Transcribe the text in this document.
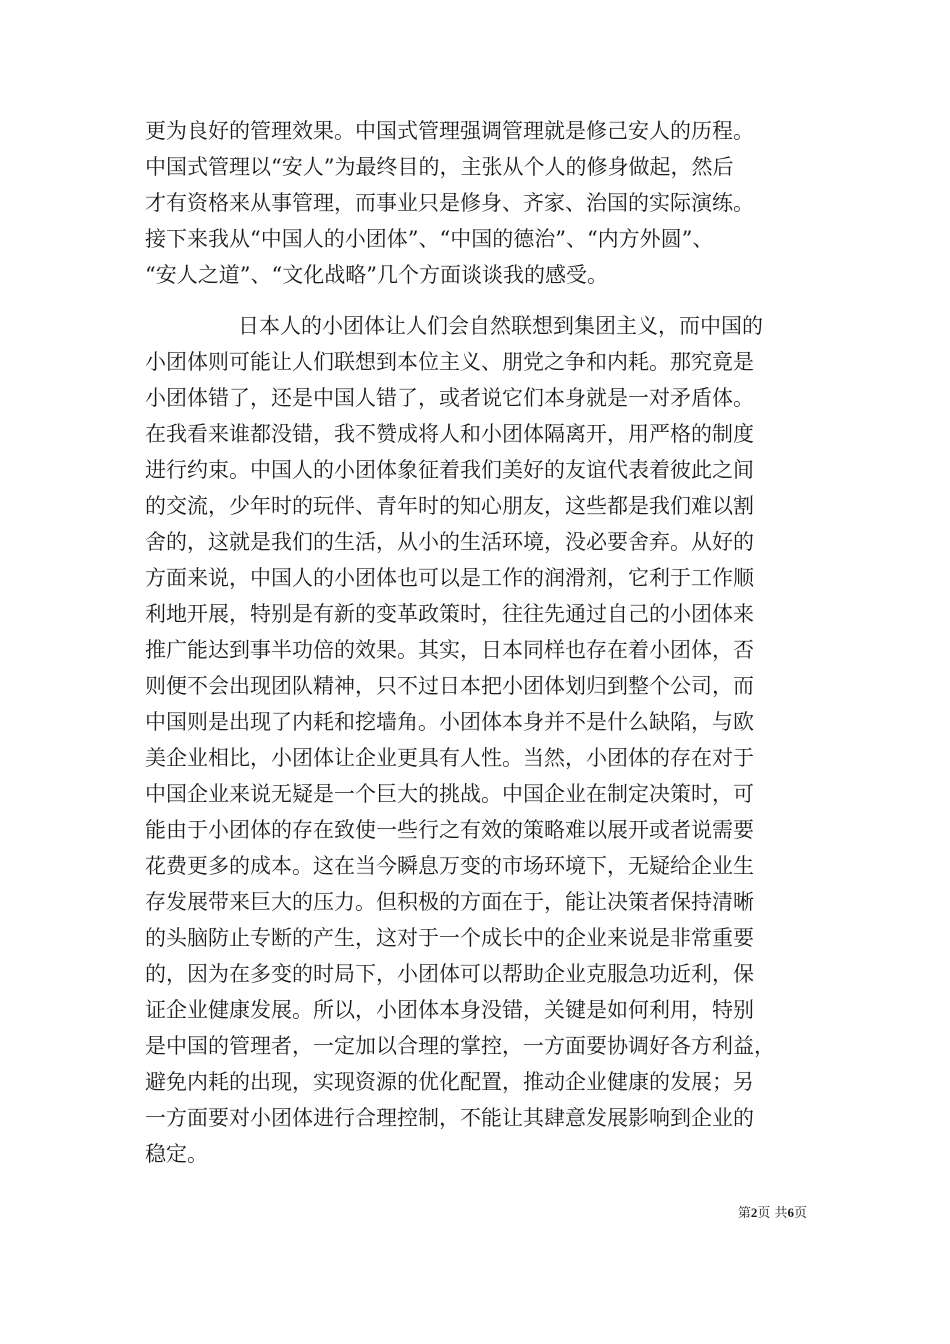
更为良好的管理效果。中国式管理强调管理就是修己安人的历程。
中国式管理以“安人”为最终目的，主张从个人的修身做起，然后
才有资格来从事管理，而事业只是修身、齐家、治国的实际演练。
接下来我从“中国人的小团体”、“中国的德治”、“内方外圆”、
“安人之道”、“文化战略”几个方面谈谈我的感受。
日本人的小团体让人们会自然联想到集团主义，而中国的
小团体则可能让人们联想到本位主义、朋党之争和内耗。那究竟是
小团体错了，还是中国人错了，或者说它们本身就是一对矛盾体。
在我看来谁都没错，我不赞成将人和小团体隔离开，用严格的制度
进行约束。中国人的小团体象征着我们美好的友谊代表着彼此之间
的交流，少年时的玩伴、青年时的知心朋友，这些都是我们难以割
舍的，这就是我们的生活，从小的生活环境，没必要舍弃。从好的
方面来说，中国人的小团体也可以是工作的润滑剂，它利于工作顺
利地开展，特别是有新的变革政策时，往往先通过自己的小团体来
推广能达到事半功倍的效果。其实，日本同样也存在着小团体，否
则便不会出现团队精神，只不过日本把小团体划归到整个公司，而
中国则是出现了内耗和挖墙角。小团体本身并不是什么缺陷，与欧
美企业相比，小团体让企业更具有人性。当然，小团体的存在对于
中国企业来说无疑是一个巨大的挑战。中国企业在制定决策时，可
能由于小团体的存在致使一些行之有效的策略难以展开或者说需要
花费更多的成本。这在当今瞬息万变的市场环境下，无疑给企业生
存发展带来巨大的压力。但积极的方面在于，能让决策者保持清晰
的头脑防止专断的产生，这对于一个成长中的企业来说是非常重要
的，因为在多变的时局下，小团体可以帮助企业克服急功近利，保
证企业健康发展。所以，小团体本身没错，关键是如何利用，特别
是中国的管理者，一定加以合理的掌控，一方面要协调好各方利益，
避免内耗的出现，实现资源的优化配置，推动企业健康的发展；另
一方面要对小团体进行合理控制，不能让其肆意发展影响到企业的
稳定。
第2页 共6页
